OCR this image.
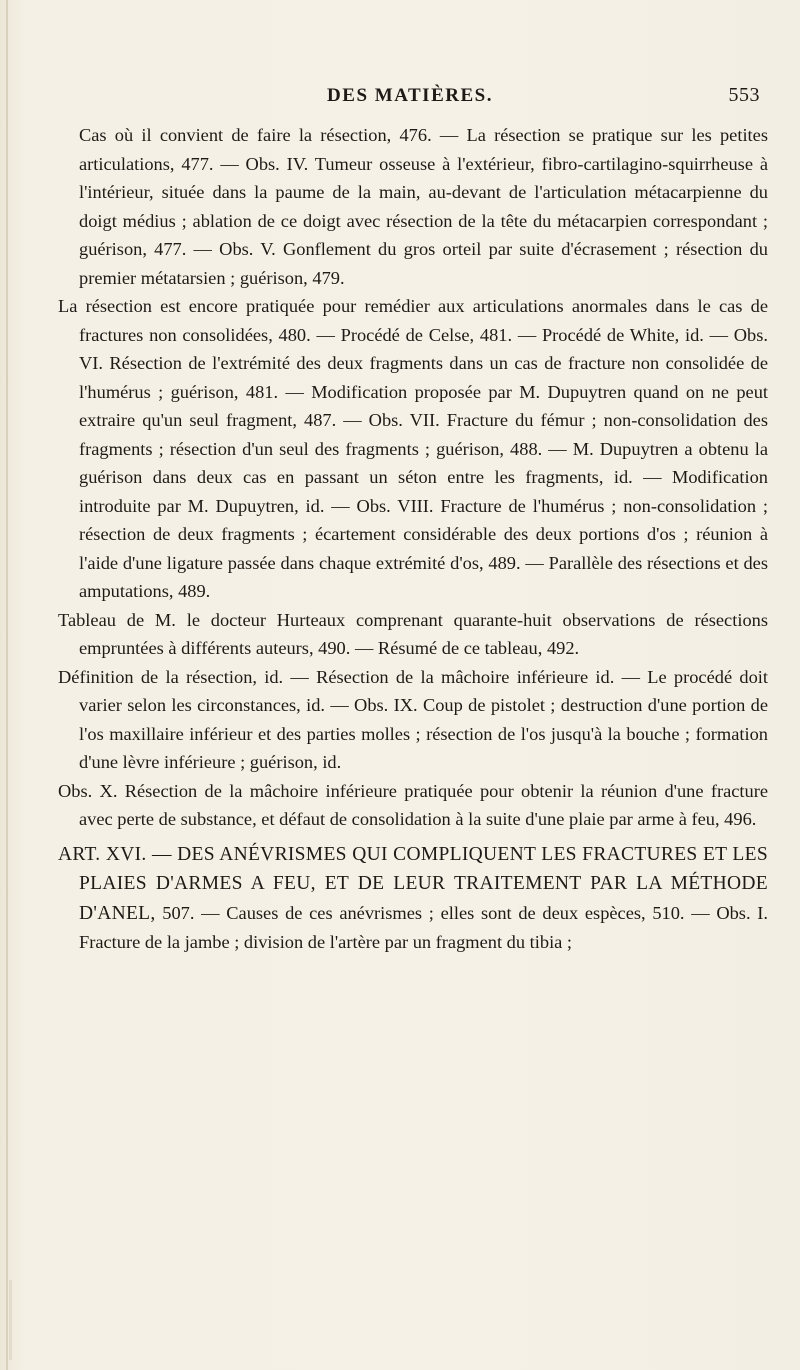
DES MATIÈRES.	553

Cas où il convient de faire la résection, 476. — La résection se pratique sur les petites articulations, 477. — Obs. IV. Tumeur osseuse à l'extérieur, fibro-cartilagino-squirrheuse à l'intérieur, située dans la paume de la main, au-devant de l'articulation métacarpienne du doigt médius ; ablation de ce doigt avec résection de la tête du métacarpien correspondant ; guérison, 477. — Obs. V. Gonflement du gros orteil par suite d'écrasement ; résection du premier métatarsien ; guérison, 479.

La résection est encore pratiquée pour remédier aux articulations anormales dans le cas de fractures non consolidées, 480. — Procédé de Celse, 481. — Procédé de White, id. — Obs. VI. Résection de l'extrémité des deux fragments dans un cas de fracture non consolidée de l'humérus ; guérison, 481. — Modification proposée par M. Dupuytren quand on ne peut extraire qu'un seul fragment, 487. — Obs. VII. Fracture du fémur ; non-consolidation des fragments ; résection d'un seul des fragments ; guérison, 488. — M. Dupuytren a obtenu la guérison dans deux cas en passant un séton entre les fragments, id. — Modification introduite par M. Dupuytren, id. — Obs. VIII. Fracture de l'humérus ; non-consolidation ; résection de deux fragments ; écartement considérable des deux portions d'os ; réunion à l'aide d'une ligature passée dans chaque extrémité d'os, 489. — Parallèle des résections et des amputations, 489.

Tableau de M. le docteur Hurteaux comprenant quarante-huit observations de résections empruntées à différents auteurs, 490. — Résumé de ce tableau, 492.

Définition de la résection, id. — Résection de la mâchoire inférieure id. — Le procédé doit varier selon les circonstances, id. — Obs. IX. Coup de pistolet ; destruction d'une portion de l'os maxillaire inférieur et des parties molles ; résection de l'os jusqu'à la bouche ; formation d'une lèvre inférieure ; guérison, id.

Obs. X. Résection de la mâchoire inférieure pratiquée pour obtenir la réunion d'une fracture avec perte de substance, et défaut de consolidation à la suite d'une plaie par arme à feu, 496.

ART. XVI. — DES ANÉVRISMES QUI COMPLIQUENT LES FRACTURES ET LES PLAIES D'ARMES A FEU, ET DE LEUR TRAITEMENT PAR LA MÉTHODE D'ANEL, 507. — Causes de ces anévrismes ; elles sont de deux espèces, 510. — Obs. I. Fracture de la jambe ; division de l'artère par un fragment du tibia ;
